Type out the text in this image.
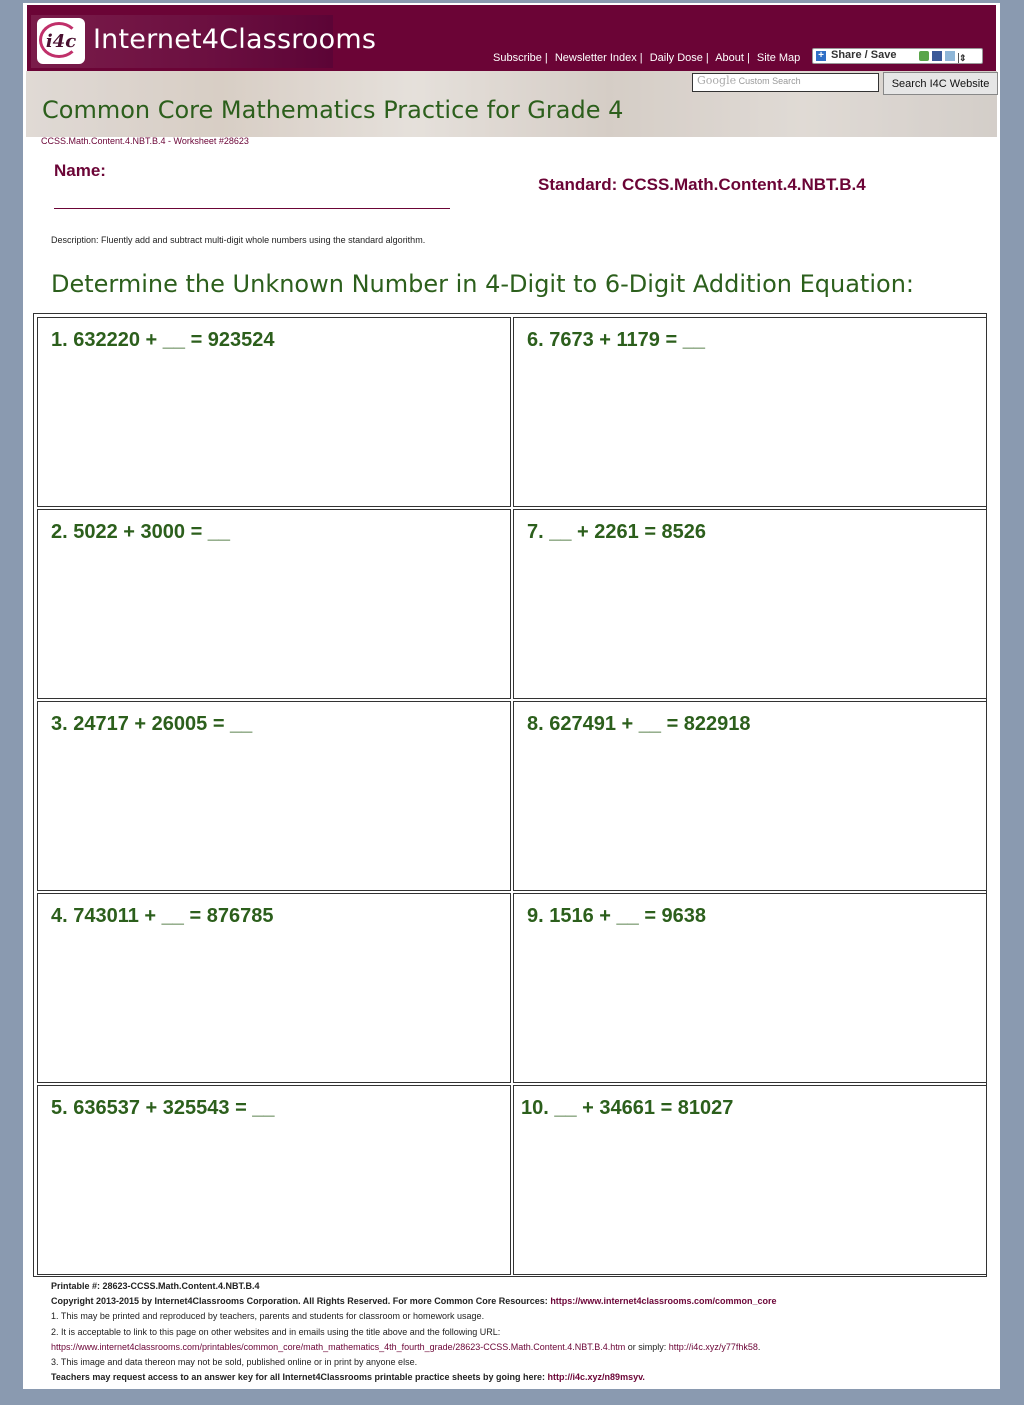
i4c Internet4Classrooms
Subscribe | Newsletter Index | Daily Dose | About | Site Map + Share / Save	⇕
Google Custom Search	Search I4C Website
Common Core Mathematics Practice for Grade 4
CCSS.Math.Content.4.NBT.B.4 - Worksheet #28623
Name:
Standard: CCSS.Math.Content.4.NBT.B.4
Description: Fluently add and subtract multi-digit whole numbers using the standard algorithm.
Determine the Unknown Number in 4-Digit to 6-Digit Addition Equation:
1. 632220 + __ = 923524
2. 5022 + 3000 = __
3. 24717 + 26005 = __
4. 743011 + __ = 876785
5. 636537 + 325543 = __
6. 7673 + 1179 = __
7. __ + 2261 = 8526
8. 627491 + __ = 822918
9. 1516 + __ = 9638
10. __ + 34661 = 81027
Printable #: 28623-CCSS.Math.Content.4.NBT.B.4
Copyright 2013-2015 by Internet4Classrooms Corporation. All Rights Reserved. For more Common Core Resources: https://www.internet4classrooms.com/common_core
1. This may be printed and reproduced by teachers, parents and students for classroom or homework usage.
2. It is acceptable to link to this page on other websites and in emails using the title above and the following URL:
https://www.internet4classrooms.com/printables/common_core/math_mathematics_4th_fourth_grade/28623-CCSS.Math.Content.4.NBT.B.4.htm or simply: http://i4c.xyz/y77fhk58.
3. This image and data thereon may not be sold, published online or in print by anyone else.
Teachers may request access to an answer key for all Internet4Classrooms printable practice sheets by going here: http://i4c.xyz/n89msyv.
